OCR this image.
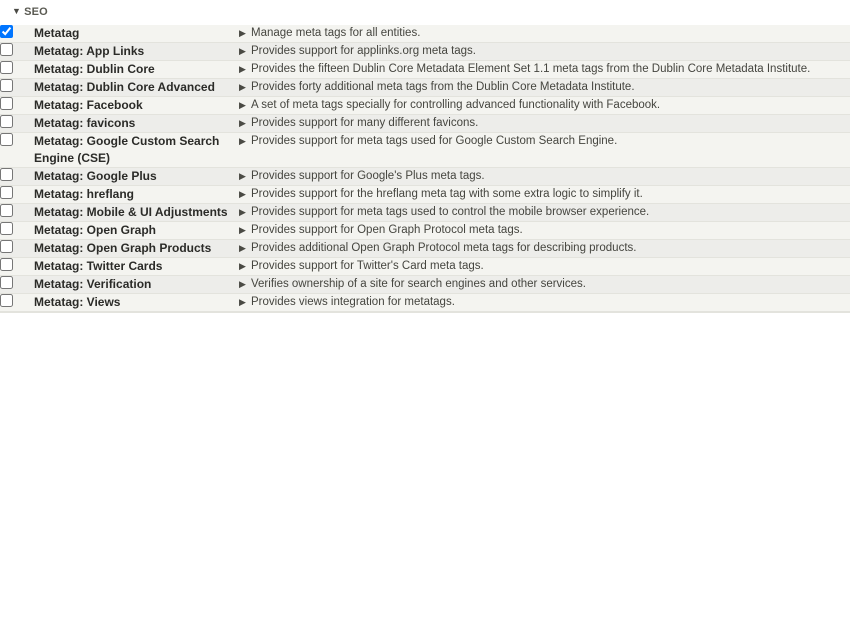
▼ SEO
	Metatag	▶ Manage meta tags for all entities.

	Metatag: App Links	▶ Provides support for applinks.org meta tags.

	Metatag: Dublin Core	▶ Provides the fifteen Dublin Core Metadata Element Set 1.1 meta tags from the Dublin Core Metadata Institute.

	Metatag: Dublin Core Advanced	▶ Provides forty additional meta tags from the Dublin Core Metadata Institute.

	Metatag: Facebook	▶ A set of meta tags specially for controlling advanced functionality with Facebook.

	Metatag: favicons	▶ Provides support for many different favicons.

	Metatag: Google Custom Search Engine (CSE)	▶ Provides support for meta tags used for Google Custom Search Engine.

	Metatag: Google Plus	▶ Provides support for Google's Plus meta tags.

	Metatag: hreflang	▶ Provides support for the hreflang meta tag with some extra logic to simplify it.

	Metatag: Mobile & UI Adjustments	▶ Provides support for meta tags used to control the mobile browser experience.

	Metatag: Open Graph	▶ Provides support for Open Graph Protocol meta tags.

	Metatag: Open Graph Products	▶ Provides additional Open Graph Protocol meta tags for describing products.

	Metatag: Twitter Cards	▶ Provides support for Twitter's Card meta tags.

	Metatag: Verification	▶ Verifies ownership of a site for search engines and other services.

	Metatag: Views	▶ Provides views integration for metatags.
